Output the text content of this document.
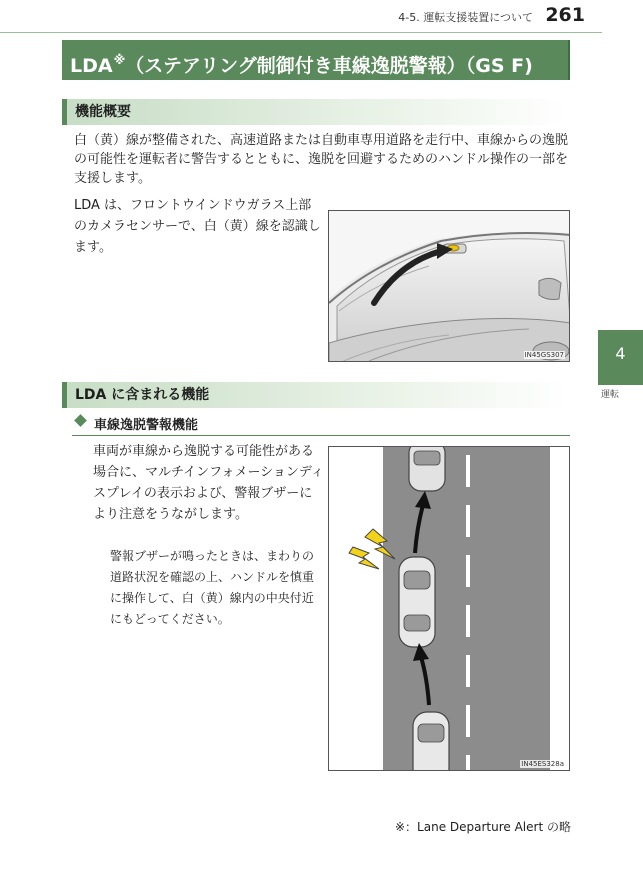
4-5. 運転支援装置について 261
LDA※（ステアリング制御付き車線逸脱警報）（GS F)
機能概要
白（黄）線が整備された、高速道路または自動車専用道路を走行中、車線からの逸脱の可能性を運転者に警告するとともに、逸脱を回避するためのハンドル操作の一部を支援します。
LDA は、フロントウインドウガラス上部のカメラセンサーで、白（黄）線を認識します。
IN45GS307
LDA に含まれる機能
車線逸脱警報機能
車両が車線から逸脱する可能性がある場合に、マルチインフォメーションディスプレイの表示および、警報ブザーにより注意をうながします。
警報ブザーが鳴ったときは、まわりの道路状況を確認の上、ハンドルを慎重に操作して、白（黄）線内の中央付近にもどってください。
IN45ES328a
4
運転
※：Lane Departure Alert の略
